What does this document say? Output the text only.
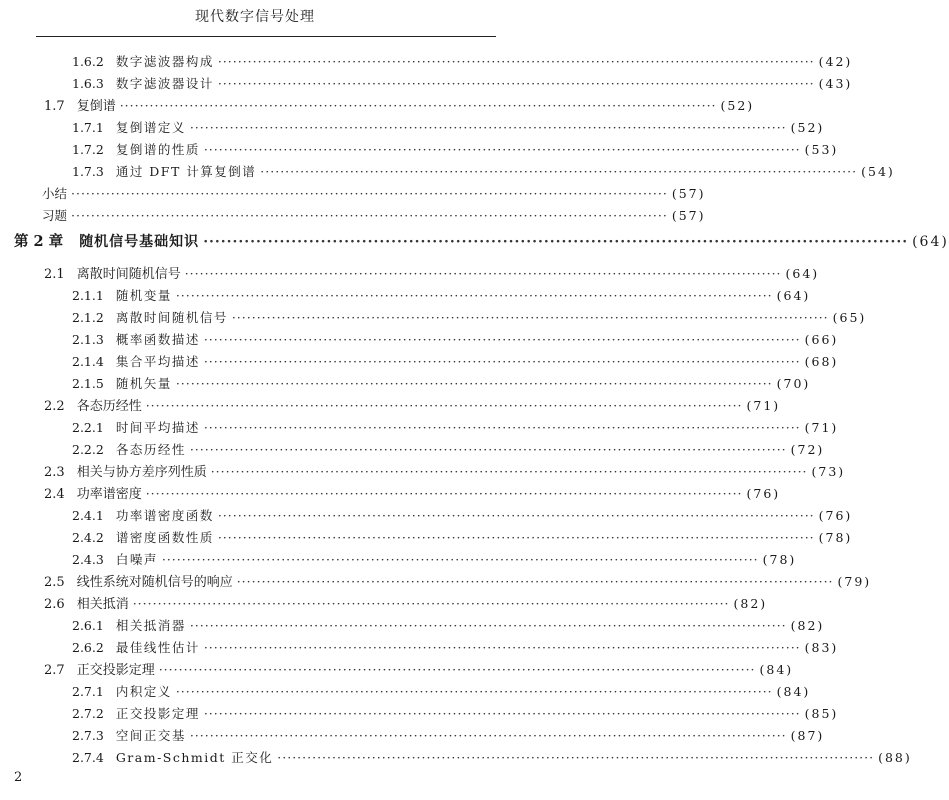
现代数字信号处理
1.6.2 数字滤波器构成 ························································································································ (42)
1.6.3 数字滤波器设计 ························································································································ (43)
1.7 复倒谱 ························································································································ (52)
1.7.1 复倒谱定义 ························································································································ (52)
1.7.2 复倒谱的性质 ························································································································ (53)
1.7.3 通过 DFT 计算复倒谱 ························································································································ (54)
小结 ························································································································ (57)
习题 ························································································································ (57)
第 2 章 随机信号基础知识 ························································································································ (64)
2.1 离散时间随机信号 ························································································································ (64)
2.1.1 随机变量 ························································································································ (64)
2.1.2 离散时间随机信号 ························································································································ (65)
2.1.3 概率函数描述 ························································································································ (66)
2.1.4 集合平均描述 ························································································································ (68)
2.1.5 随机矢量 ························································································································ (70)
2.2 各态历经性 ························································································································ (71)
2.2.1 时间平均描述 ························································································································ (71)
2.2.2 各态历经性 ························································································································ (72)
2.3 相关与协方差序列性质 ························································································································ (73)
2.4 功率谱密度 ························································································································ (76)
2.4.1 功率谱密度函数 ························································································································ (76)
2.4.2 谱密度函数性质 ························································································································ (78)
2.4.3 白噪声 ························································································································ (78)
2.5 线性系统对随机信号的响应 ························································································································ (79)
2.6 相关抵消 ························································································································ (82)
2.6.1 相关抵消器 ························································································································ (82)
2.6.2 最佳线性估计 ························································································································ (83)
2.7 正交投影定理 ························································································································ (84)
2.7.1 内积定义 ························································································································ (84)
2.7.2 正交投影定理 ························································································································ (85)
2.7.3 空间正交基 ························································································································ (87)
2.7.4 Gram-Schmidt 正交化 ························································································································ (88)
2
